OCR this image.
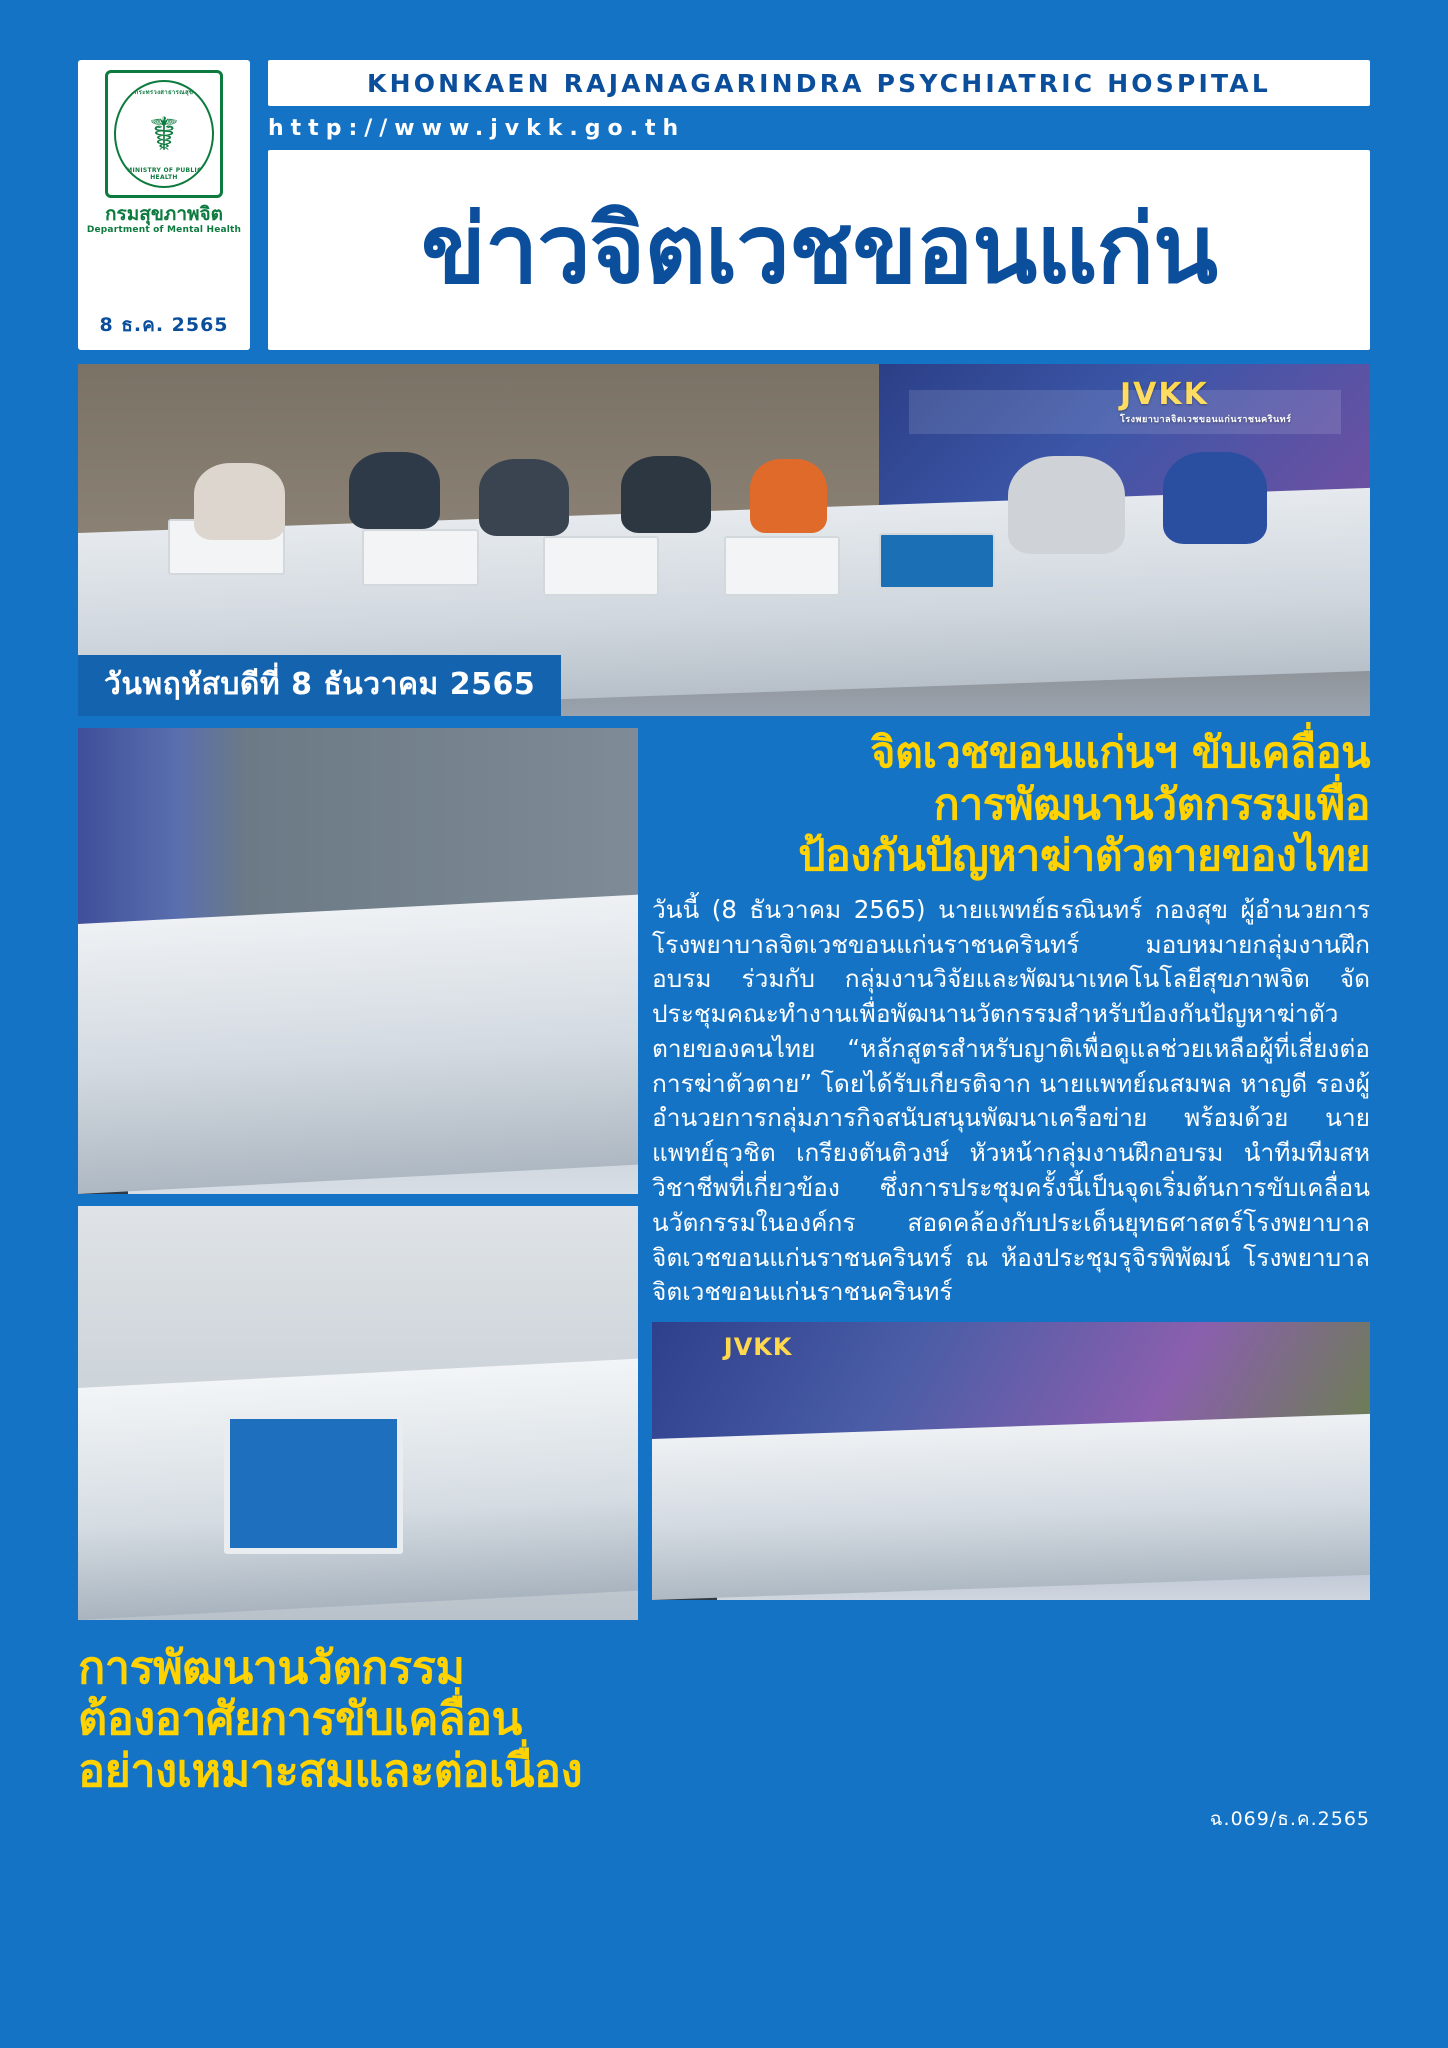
กระทรวงสาธารณสุข
☤
MINISTRY OF PUBLIC HEALTH
กรมสุขภาพจิต
Department of Mental Health
8 ธ.ค. 2565
KHONKAEN RAJANAGARINDRA PSYCHIATRIC HOSPITAL
http://www.jvkk.go.th
ข่าวจิตเวชขอนแก่น
JVKK
โรงพยาบาลจิตเวชขอนแก่นราชนครินทร์
วันพฤหัสบดีที่ 8 ธันวาคม 2565
การพัฒนานวัตกรรม
ต้องอาศัยการขับเคลื่อน
อย่างเหมาะสมและต่อเนื่อง
จิตเวชขอนแก่นฯ ขับเคลื่อน
การพัฒนานวัตกรรมเพื่อ
ป้องกันปัญหาฆ่าตัวตายของไทย
วันนี้ (8 ธันวาคม 2565) นายแพทย์ธรณินทร์ กองสุข ผู้อำนวยการโรงพยาบาลจิตเวชขอนแก่นราชนครินทร์ มอบหมายกลุ่มงานฝึกอบรม ร่วมกับ กลุ่มงานวิจัยและพัฒนาเทคโนโลยีสุขภาพจิต จัดประชุมคณะทำงานเพื่อพัฒนานวัตกรรมสำหรับป้องกันปัญหาฆ่าตัวตายของคนไทย “หลักสูตรสำหรับญาติเพื่อดูแลช่วยเหลือผู้ที่เสี่ยงต่อการฆ่าตัวตาย” โดยได้รับเกียรติจาก นายแพทย์ณสมพล หาญดี รองผู้อำนวยการกลุ่มภารกิจสนับสนุนพัฒนาเครือข่าย พร้อมด้วย นายแพทย์ธุวชิต เกรียงตันติวงษ์ หัวหน้ากลุ่มงานฝึกอบรม นำทีมทีมสหวิชาชีพที่เกี่ยวข้อง ซึ่งการประชุมครั้งนี้เป็นจุดเริ่มต้นการขับเคลื่อนนวัตกรรมในองค์กร สอดคล้องกับประเด็นยุทธศาสตร์โรงพยาบาลจิตเวชขอนแก่นราชนครินทร์ ณ ห้องประชุมรุจิรพิพัฒน์ โรงพยาบาลจิตเวชขอนแก่นราชนครินทร์
JVKK
ฉ.069/ธ.ค.2565
